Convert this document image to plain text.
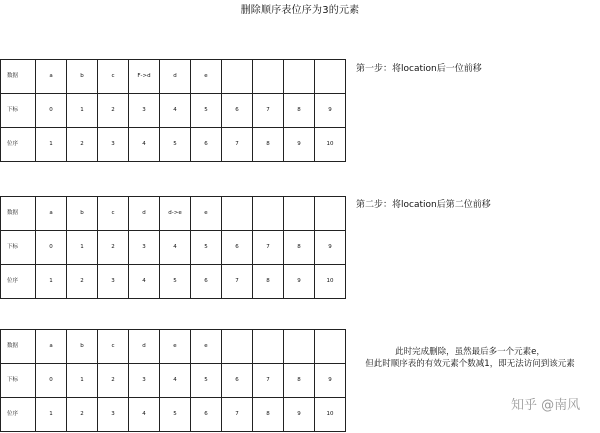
删除顺序表位序为3的元素
数据	a	b	c	F->d	d	e				
下标	0	1	2	3	4	5	6	7	8	9
位序	1	2	3	4	5	6	7	8	9	10
第一步：将location后一位前移
数据	a	b	c	d	d->e	e				
下标	0	1	2	3	4	5	6	7	8	9
位序	1	2	3	4	5	6	7	8	9	10
第二步：将location后第二位前移
数据	a	b	c	d	e	e				
下标	0	1	2	3	4	5	6	7	8	9
位序	1	2	3	4	5	6	7	8	9	10
此时完成删除，虽然最后多一个元素e，
但此时顺序表的有效元素个数减1，即无法访问到该元素
知乎 @南风
